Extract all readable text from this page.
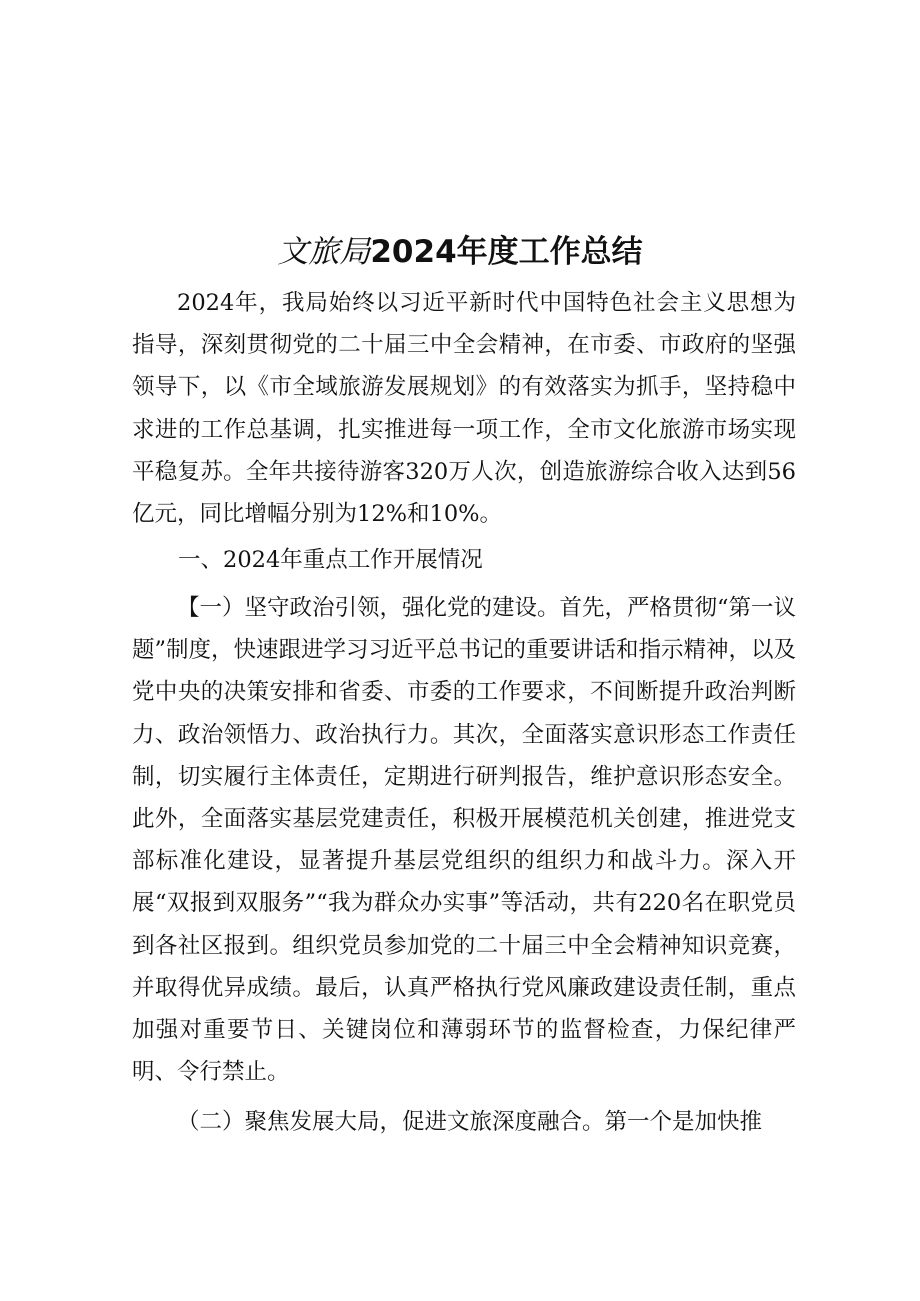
文旅局2024年度工作总结

2024年，我局始终以习近平新时代中国特色社会主义思想为指导，深刻贯彻党的二十届三中全会精神，在市委、市政府的坚强领导下，以《市全域旅游发展规划》的有效落实为抓手，坚持稳中求进的工作总基调，扎实推进每一项工作，全市文化旅游市场实现平稳复苏。全年共接待游客320万人次，创造旅游综合收入达到56亿元，同比增幅分别为12%和10%。

一、2024年重点工作开展情况

【一）坚守政治引领，强化党的建设。首先，严格贯彻“第一议题”制度，快速跟进学习习近平总书记的重要讲话和指示精神，以及党中央的决策安排和省委、市委的工作要求，不间断提升政治判断力、政治领悟力、政治执行力。其次，全面落实意识形态工作责任制，切实履行主体责任，定期进行研判报告，维护意识形态安全。此外，全面落实基层党建责任，积极开展模范机关创建，推进党支部标准化建设，显著提升基层党组织的组织力和战斗力。深入开展“双报到双服务”“我为群众办实事”等活动，共有220名在职党员到各社区报到。组织党员参加党的二十届三中全会精神知识竞赛，并取得优异成绩。最后，认真严格执行党风廉政建设责任制，重点加强对重要节日、关键岗位和薄弱环节的监督检查，力保纪律严明、令行禁止。

（二）聚焦发展大局，促进文旅深度融合。第一个是加快推
